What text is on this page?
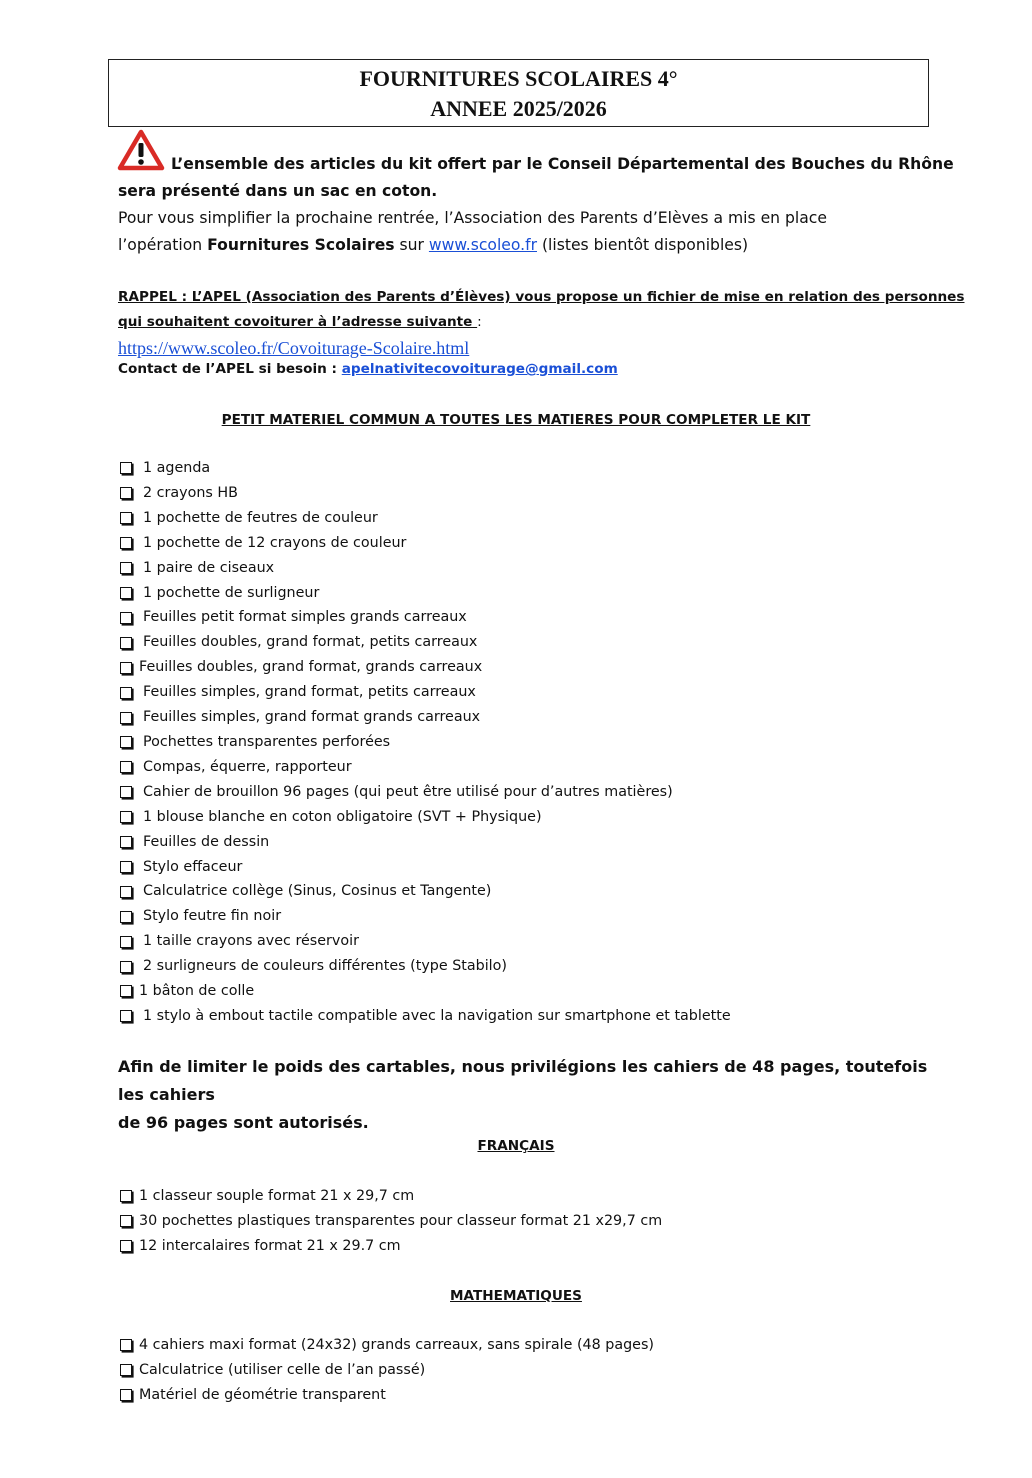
FOURNITURES SCOLAIRES 4°
ANNEE 2025/2026
L’ensemble des articles du kit offert par le Conseil Départemental des Bouches du Rhône
sera présenté dans un sac en coton.
Pour vous simplifier la prochaine rentrée, l’Association des Parents d’Elèves a mis en place
l’opération Fournitures Scolaires sur www.scoleo.fr (listes bientôt disponibles)
RAPPEL : L’APEL (Association des Parents d’Élèves) vous propose un fichier de mise en relation des personnes
qui souhaitent covoiturer à l’adresse suivante :
https://www.scoleo.fr/Covoiturage-Scolaire.html
Contact de l’APEL si besoin : apelnativitecovoiturage@gmail.com
PETIT MATERIEL COMMUN A TOUTES LES MATIERES POUR COMPLETER LE KIT
1 agenda
2 crayons HB
1 pochette de feutres de couleur
1 pochette de 12 crayons de couleur
1 paire de ciseaux
1 pochette de surligneur
Feuilles petit format simples grands carreaux
Feuilles doubles, grand format, petits carreaux
Feuilles doubles, grand format, grands carreaux
Feuilles simples, grand format, petits carreaux
Feuilles simples, grand format grands carreaux
Pochettes transparentes perforées
Compas, équerre, rapporteur
Cahier de brouillon 96 pages (qui peut être utilisé pour d’autres matières)
1 blouse blanche en coton obligatoire (SVT + Physique)
Feuilles de dessin
Stylo effaceur
Calculatrice collège (Sinus, Cosinus et Tangente)
Stylo feutre fin noir
1 taille crayons avec réservoir
2 surligneurs de couleurs différentes (type Stabilo)
1 bâton de colle
1 stylo à embout tactile compatible avec la navigation sur smartphone et tablette
Afin de limiter le poids des cartables, nous privilégions les cahiers de 48 pages, toutefois les cahiers
de 96 pages sont autorisés.
FRANÇAIS
1 classeur souple format 21 x 29,7 cm
30 pochettes plastiques transparentes pour classeur format 21 x29,7 cm
12 intercalaires format 21 x 29.7 cm
MATHEMATIQUES
4 cahiers maxi format (24x32) grands carreaux, sans spirale (48 pages)
Calculatrice (utiliser celle de l’an passé)
Matériel de géométrie transparent
